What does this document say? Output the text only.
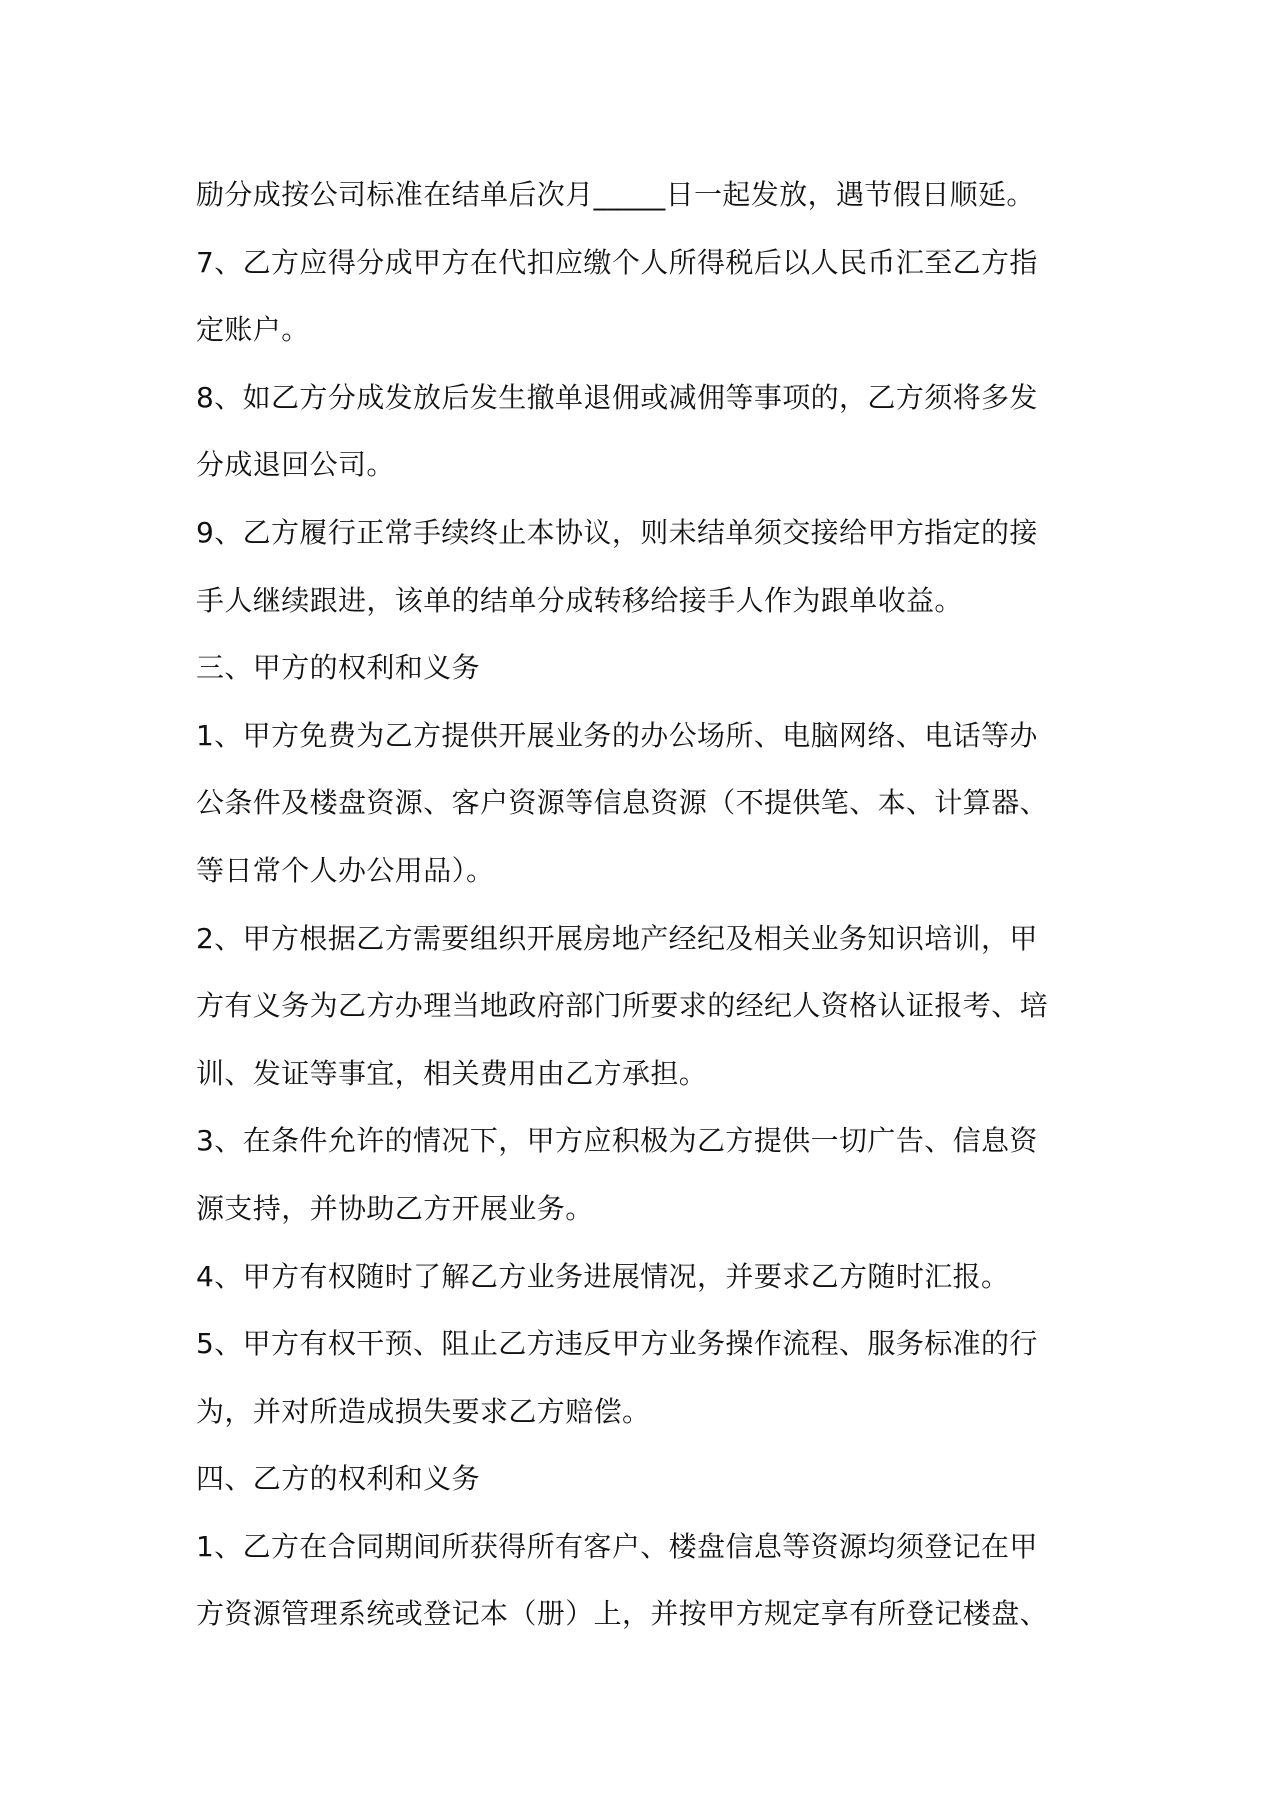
励分成按公司标准在结单后次月_____日一起发放，遇节假日顺延。
7、乙方应得分成甲方在代扣应缴个人所得税后以人民币汇至乙方指
定账户。
8、如乙方分成发放后发生撤单退佣或减佣等事项的，乙方须将多发
分成退回公司。
9、乙方履行正常手续终止本协议，则未结单须交接给甲方指定的接
手人继续跟进，该单的结单分成转移给接手人作为跟单收益。
三、甲方的权利和义务
1、甲方免费为乙方提供开展业务的办公场所、电脑网络、电话等办
公条件及楼盘资源、客户资源等信息资源（不提供笔、本、计算器、
等日常个人办公用品）。
2、甲方根据乙方需要组织开展房地产经纪及相关业务知识培训，甲
方有义务为乙方办理当地政府部门所要求的经纪人资格认证报考、培
训、发证等事宜，相关费用由乙方承担。
3、在条件允许的情况下，甲方应积极为乙方提供一切广告、信息资
源支持，并协助乙方开展业务。
4、甲方有权随时了解乙方业务进展情况，并要求乙方随时汇报。
5、甲方有权干预、阻止乙方违反甲方业务操作流程、服务标准的行
为，并对所造成损失要求乙方赔偿。
四、乙方的权利和义务
1、乙方在合同期间所获得所有客户、楼盘信息等资源均须登记在甲
方资源管理系统或登记本（册）上，并按甲方规定享有所登记楼盘、
